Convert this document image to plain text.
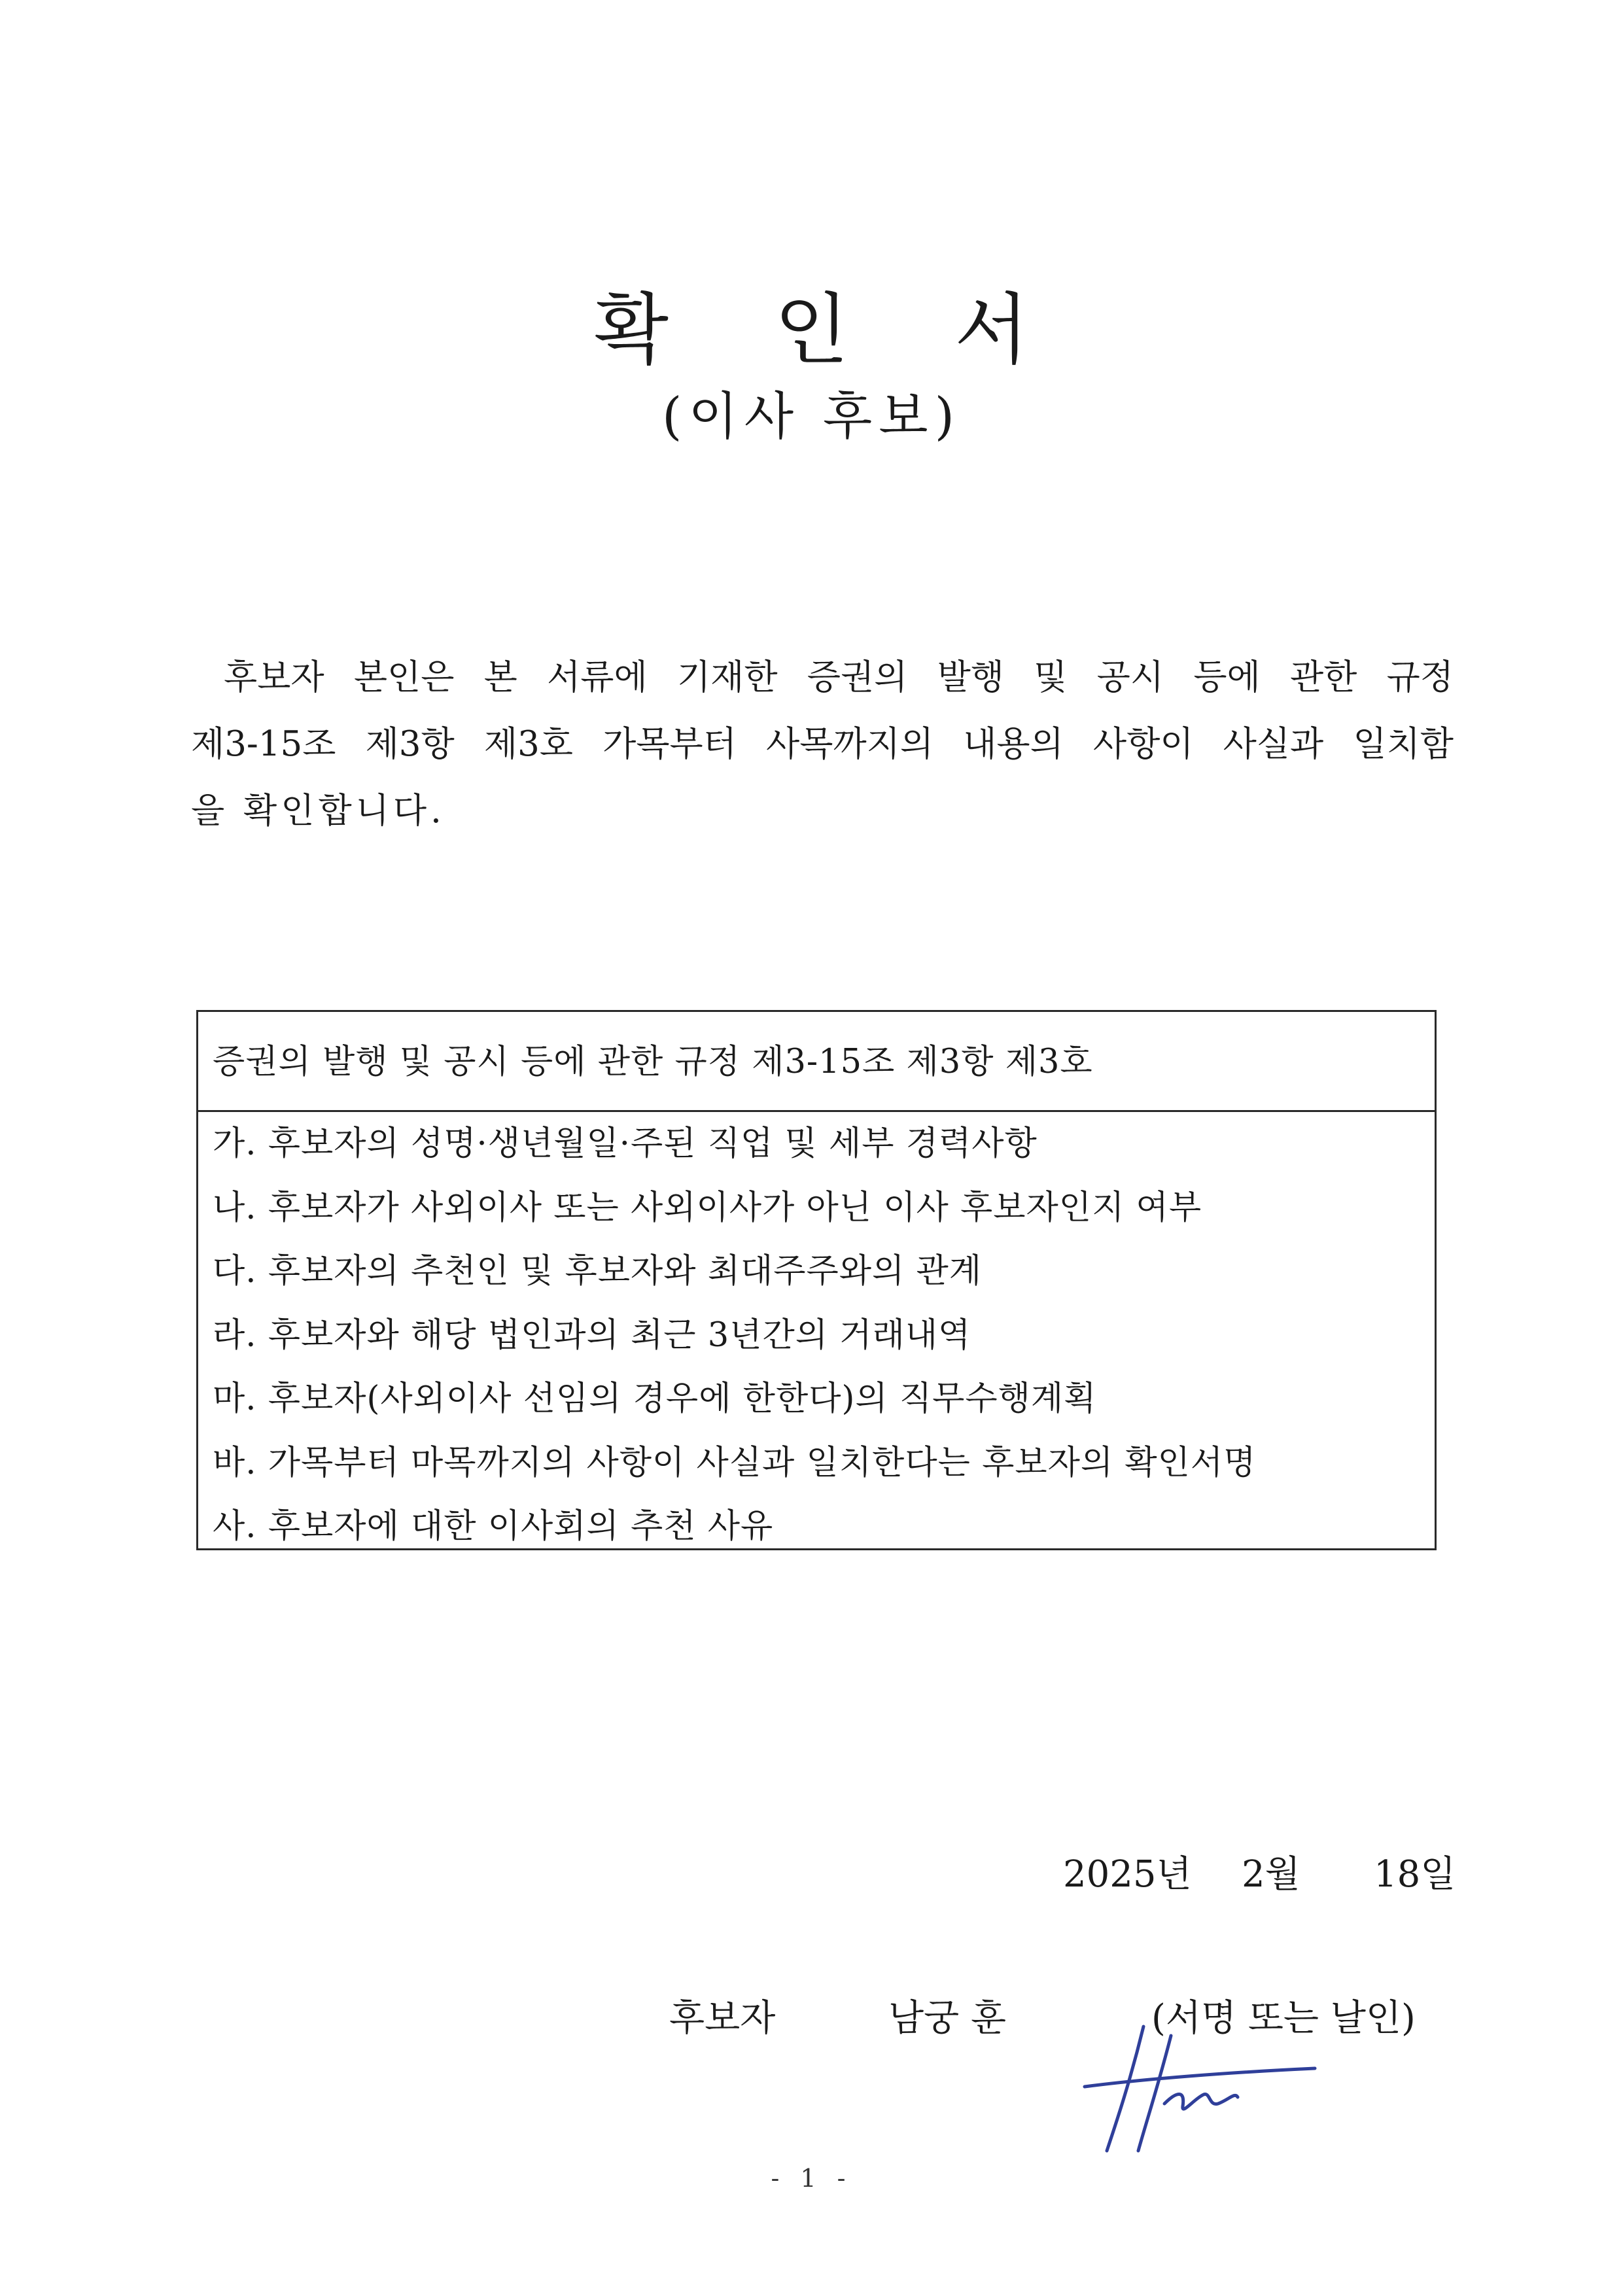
확 인 서
(이사 후보)
후보자 본인은 본 서류에 기재한 증권의 발행 및 공시 등에 관한 규정
제3-15조 제3항 제3호 가목부터 사목까지의 내용의 사항이 사실과 일치함
을 확인합니다.
증권의 발행 및 공시 등에 관한 규정 제3-15조 제3항 제3호
가. 후보자의 성명·생년월일·주된 직업 및 세부 경력사항
나. 후보자가 사외이사 또는 사외이사가 아닌 이사 후보자인지 여부
다. 후보자의 추천인 및 후보자와 최대주주와의 관계
라. 후보자와 해당 법인과의 최근 3년간의 거래내역
마. 후보자(사외이사 선임의 경우에 한한다)의 직무수행계획
바. 가목부터 마목까지의 사항이 사실과 일치한다는 후보자의 확인서명
사. 후보자에 대한 이사회의 추천 사유
2025년 2월 18일
후보자	남궁 훈	(서명 또는 날인)
- 1 -
